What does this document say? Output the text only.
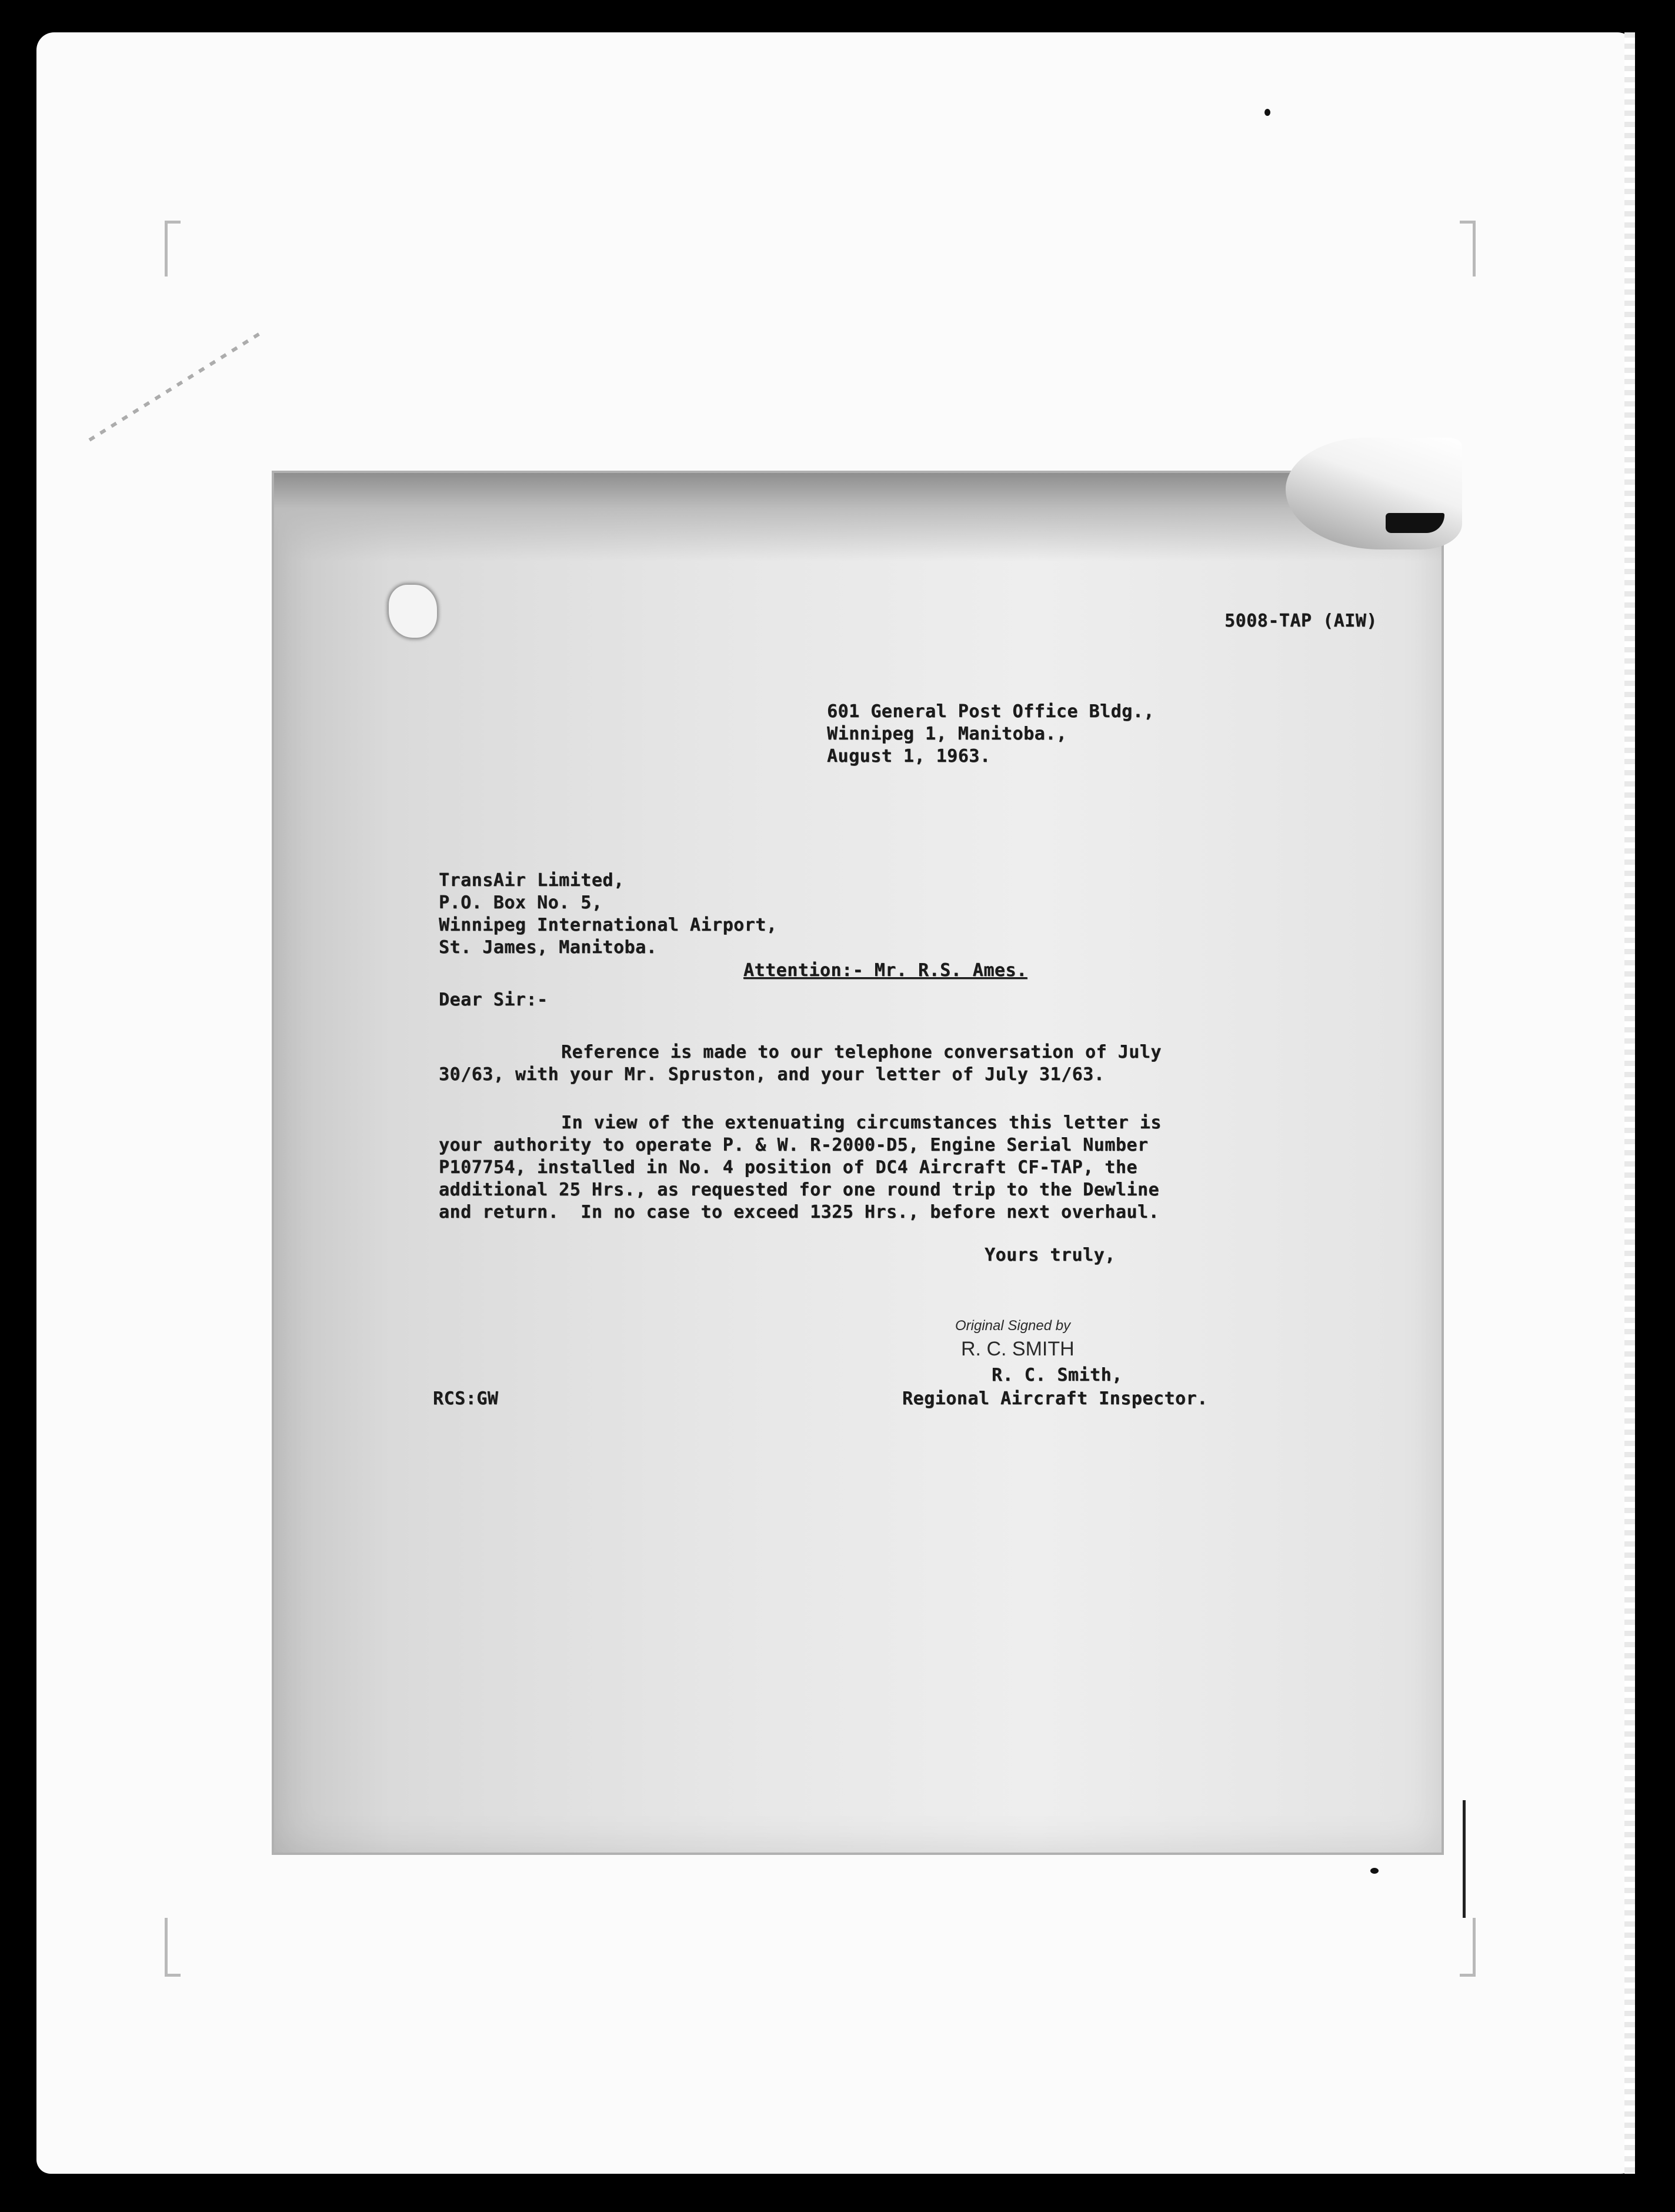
5008-TAP (AIW)
601 General Post Office Bldg.,
Winnipeg 1, Manitoba.,
August 1, 1963.
TransAir Limited,
P.O. Box No. 5,
Winnipeg International Airport,
St. James, Manitoba.
Attention:- Mr. R.S. Ames.
Dear Sir:-
Reference is made to our telephone conversation of July
30/63, with your Mr. Spruston, and your letter of July 31/63.
In view of the extenuating circumstances this letter is
your authority to operate P. & W. R-2000-D5, Engine Serial Number
P107754, installed in No. 4 position of DC4 Aircraft CF-TAP, the
additional 25 Hrs., as requested for one round trip to the Dewline
and return.  In no case to exceed 1325 Hrs., before next overhaul.
Yours truly,
Original Signed by
R. C. SMITH
R. C. Smith,
RCS:GW	Regional Aircraft Inspector.
